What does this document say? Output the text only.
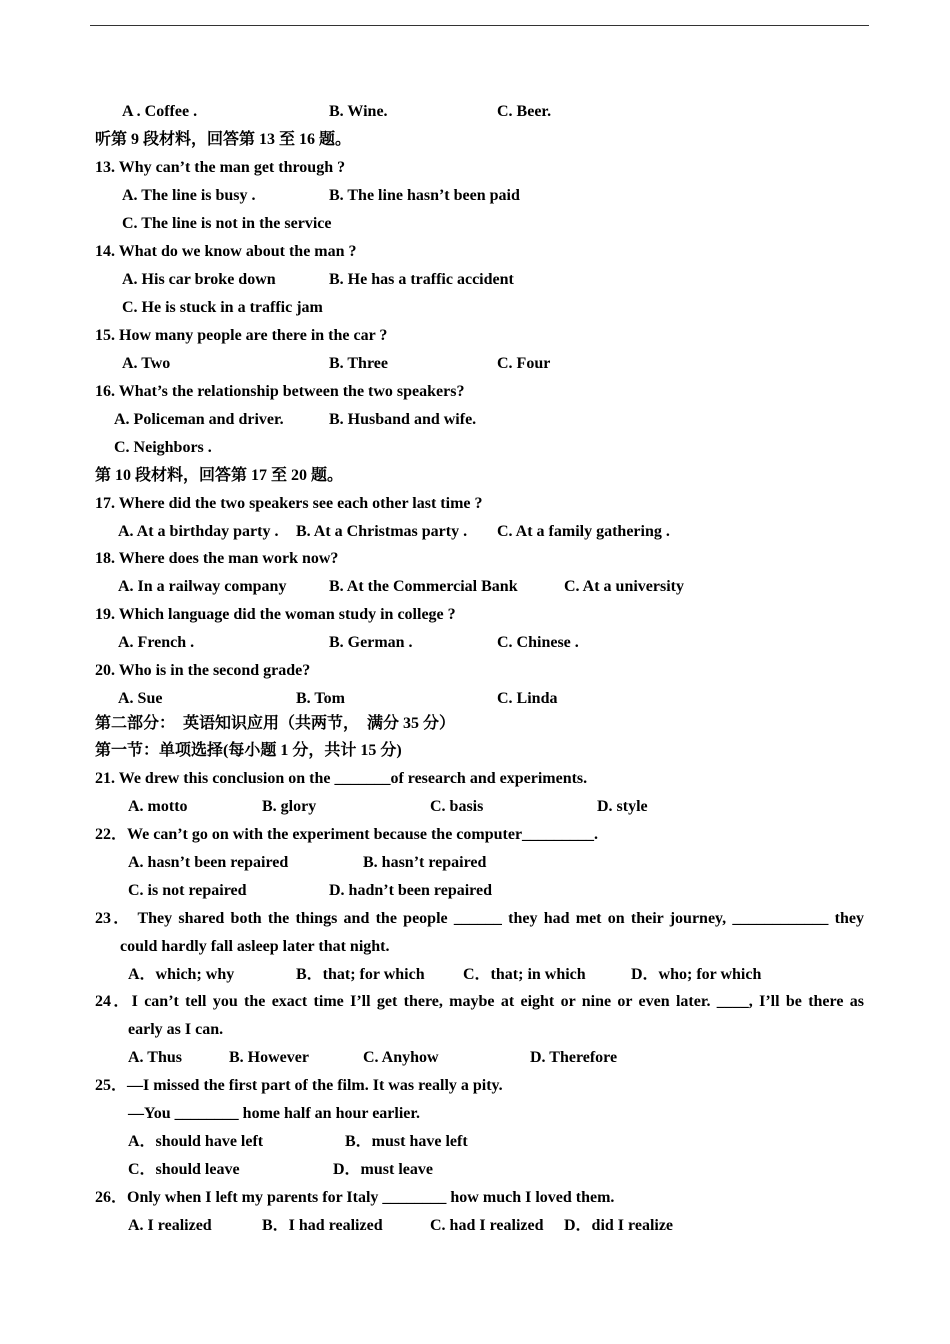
A . Coffee .	B. Wine.	C. Beer.
听第 9 段材料，回答第 13 至 16 题。
13. Why can’t the man get through ?
A. The line is busy .	B. The line hasn’t been paid
C. The line is not in the service
14. What do we know about the man ?
A. His car broke down	B. He has a traffic accident
C. He is stuck in a traffic jam
15. How many people are there in the car ?
A. Two	B. Three	C. Four
16. What’s the relationship between the two speakers?
A. Policeman and driver.	B. Husband and wife.
C. Neighbors .
第 10 段材料，回答第 17 至 20 题。
17. Where did the two speakers see each other last time ?
A. At a birthday party . B. At a Christmas party . C. At a family gathering .
18. Where does the man work now?
A. In a railway company	B. At the Commercial Bank	C. At a university
19. Which language did the woman study in college ?
A. French .	B. German .	C. Chinese .
20. Who is in the second grade?
A. Sue	B. Tom	C. Linda
第二部分：  英语知识应用（共两节，  满分 35 分）
第一节：单项选择(每小题 1 分，共计 15 分)
21. We drew this conclusion on the _______of research and experiments.
A. motto	B. glory	C. basis	D. style
22．We can’t go on with the experiment because the computer_________.
A. hasn’t been repaired	B. hasn’t repaired
C. is not repaired	D. hadn’t been repaired
23． They shared both the things and the people ______ they had met on their journey, ____________ they
could hardly fall asleep later that night.
A．which; why	B．that; for which C．that; in which	D．who; for which
24．I can’t tell you the exact time I’ll get there, maybe at eight or nine or even later. ____, I’ll be there as
early as I can.
A. Thus	B. However	C. Anyhow	D. Therefore
25．—I missed the first part of the film. It was really a pity.
—You ________ home half an hour earlier.
A．should have left	B．must have left
C．should leave	D．must leave
26．Only when I left my parents for Italy ________ how much I loved them.
A. I realized	B．I had realized	C. had I realized D．did I realize
